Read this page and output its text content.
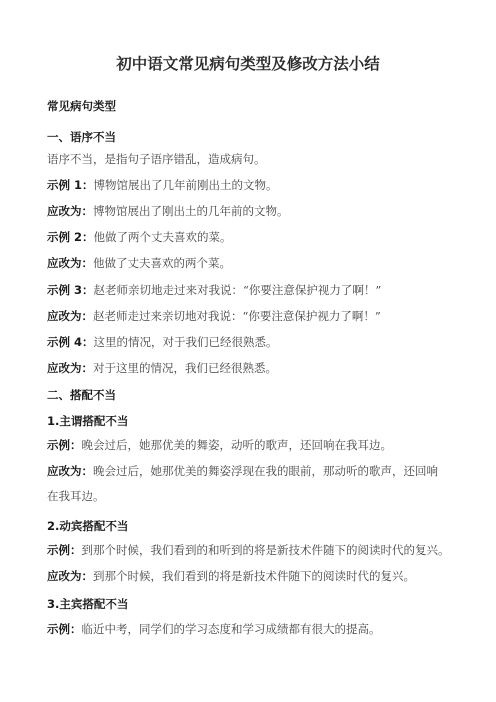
初中语文常见病句类型及修改方法小结
常见病句类型
一、语序不当
语序不当，是指句子语序错乱，造成病句。
示例 1：博物馆展出了几年前刚出土的文物。
应改为：博物馆展出了刚出土的几年前的文物。
示例 2：他做了两个丈夫喜欢的菜。
应改为：他做了丈夫喜欢的两个菜。
示例 3：赵老师亲切地走过来对我说：“你要注意保护视力了啊！”
应改为：赵老师走过来亲切地对我说：“你要注意保护视力了啊！”
示例 4：这里的情况，对于我们已经很熟悉。
应改为：对于这里的情况，我们已经很熟悉。
二、搭配不当
1.主谓搭配不当
示例：晚会过后，她那优美的舞姿，动听的歌声，还回响在我耳边。
应改为：晚会过后，她那优美的舞姿浮现在我的眼前，那动听的歌声，还回响
在我耳边。
2.动宾搭配不当
示例：到那个时候，我们看到的和听到的将是新技术件随下的阅读时代的复兴。
应改为：到那个时候，我们看到的将是新技术件随下的阅读时代的复兴。
3.主宾搭配不当
示例：临近中考，同学们的学习态度和学习成绩都有很大的提高。
